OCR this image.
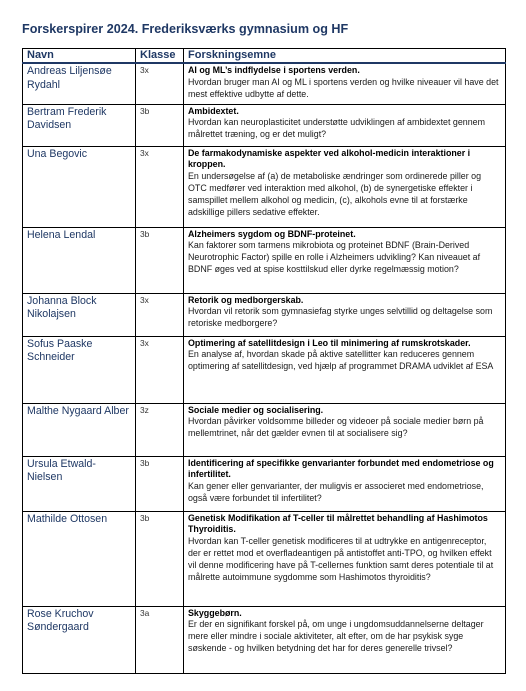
Forskerspirer 2024. Frederiksværks gymnasium og HF
Navn	Klasse	Forskningsemne
Andreas Liljensøe Rydahl	3x	AI og ML’s indflydelse i sportens verden.
Hvordan bruger man AI og ML i sportens verden og hvilke niveauer vil have det mest effektive udbytte af dette.

Bertram Frederik Davidsen	3b	Ambidextet.
Hvordan kan neuroplasticitet understøtte udviklingen af ambidextet gennem målrettet træning, og er det muligt?

Una Begovic	3x	De farmakodynamiske aspekter ved alkohol-medicin interaktioner i kroppen.
En undersøgelse af (a) de metaboliske ændringer som ordinerede piller og OTC medfører ved interaktion med alkohol, (b) de synergetiske effekter i samspillet mellem alkohol og medicin, (c), alkohols evne til at forstærke adskillige pillers sedative effekter.

Helena Lendal	3b	Alzheimers sygdom og BDNF-proteinet.
Kan faktorer som tarmens mikrobiota og proteinet BDNF (Brain-Derived Neurotrophic Factor) spille en rolle i Alzheimers udvikling? Kan niveauet af BDNF øges ved at spise kosttilskud eller dyrke regelmæssig motion?

Johanna Block Nikolajsen	3x	Retorik og medborgerskab.
Hvordan vil retorik som gymnasiefag styrke unges selvtillid og deltagelse som retoriske medborgere?

Sofus Paaske Schneider	3x	Optimering af satellitdesign i Leo til minimering af rumskrotskader.
En analyse af, hvordan skade på aktive satellitter kan reduceres gennem optimering af satellitdesign, ved hjælp af programmet DRAMA udviklet af ESA

Malthe Nygaard Alber	3z	Sociale medier og socialisering.
Hvordan påvirker voldsomme billeder og videoer på sociale medier børn på mellemtrinet, når det gælder evnen til at socialisere sig?

Ursula Etwald-Nielsen	3b	Identificering af specifikke genvarianter forbundet med endometriose og infertilitet.
Kan gener eller genvarianter, der muligvis er associeret med endometriose, også være forbundet til infertilitet?

Mathilde Ottosen	3b	Genetisk Modifikation af T-celler til målrettet behandling af Hashimotos Thyroiditis.
Hvordan kan T-celler genetisk modificeres til at udtrykke en antigenreceptor, der er rettet mod et overfladeantigen på antistoffet anti-TPO, og hvilken effekt vil denne modificering have på T-cellernes funktion samt deres potentiale til at målrette autoimmune sygdomme som Hashimotos thyroiditis?

Rose Kruchov Søndergaard	3a	Skyggebørn.
Er der en signifikant forskel på, om unge i ungdomsuddannelserne deltager mere eller mindre i sociale aktiviteter, alt efter, om de har psykisk syge søskende - og hvilken betydning det har for deres generelle trivsel?
